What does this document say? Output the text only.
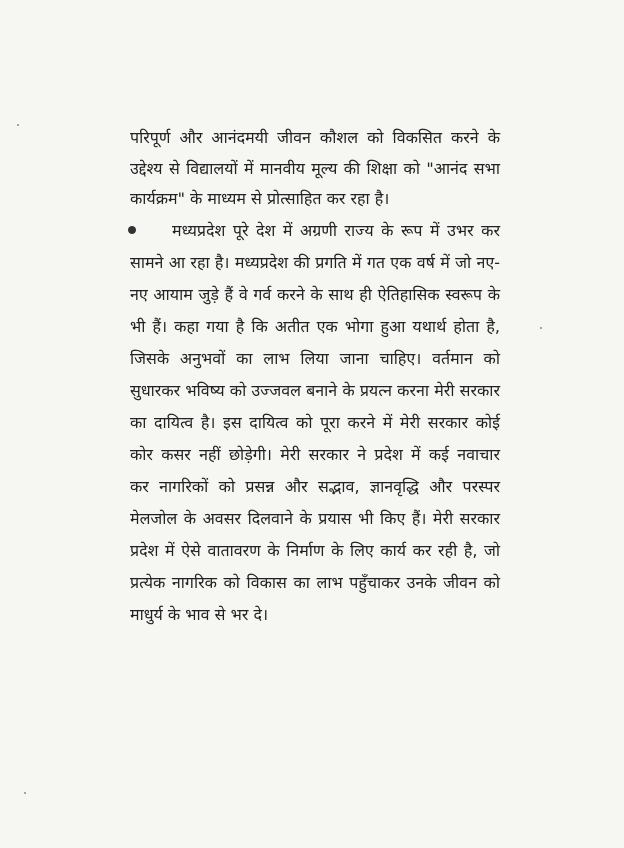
परिपूर्ण और आनंदमयी जीवन कौशल को विकसित करने के
उद्देश्य से विद्यालयों में मानवीय मूल्य की शिक्षा को "आनंद सभा
कार्यक्रम" के माध्यम से प्रोत्साहित कर रहा है।
मध्यप्रदेश पूरे देश में अग्रणी राज्य के रूप में उभर कर
सामने आ रहा है। मध्यप्रदेश की प्रगति में गत एक वर्ष में जो नए-
नए आयाम जुड़े हैं वे गर्व करने के साथ ही ऐतिहासिक स्वरूप के
भी हैं। कहा गया है कि अतीत एक भोगा हुआ यथार्थ होता है,
जिसके अनुभवों का लाभ लिया जाना चाहिए। वर्तमान को
सुधारकर भविष्य को उज्जवल बनाने के प्रयत्न करना मेरी सरकार
का दायित्व है। इस दायित्व को पूरा करने में मेरी सरकार कोई
कोर कसर नहीं छोड़ेगी। मेरी सरकार ने प्रदेश में कई नवाचार
कर नागरिकों को प्रसन्न और सद्भाव, ज्ञानवृद्धि और परस्पर
मेलजोल के अवसर दिलवाने के प्रयास भी किए हैं। मेरी सरकार
प्रदेश में ऐसे वातावरण के निर्माण के लिए कार्य कर रही है, जो
प्रत्येक नागरिक को विकास का लाभ पहुँचाकर उनके जीवन को
माधुर्य के भाव से भर दे।
